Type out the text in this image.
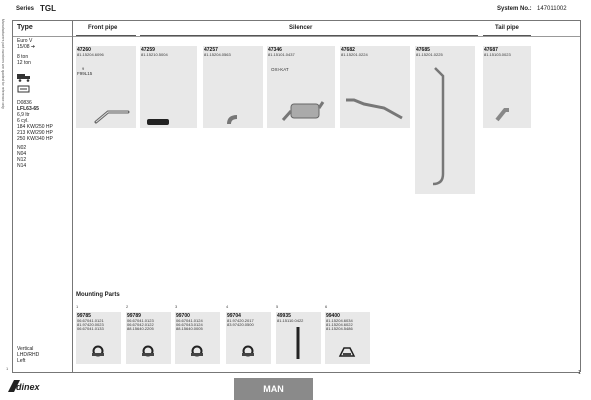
Series TGL	System No.: 147011002
Type
Manufacturers part numbers are quoted for reference only	Euro V
15/08 ➔
8 ton
12 ton
D0836
LFL63-65
6,9 ltr
6 cyl.
184 KW/250 HP
213 KW/290 HP
250 KW/340 HP
N02
N04
N12
N14
Vertical
LHD/RHD
Left
1
Front pipe	Silencer	Tail pipe
47260
81.15204.6096
9
F99L15
47259
81.15210.5004
47257
81.15204.0563
47346
81.15101.0437
OXI-KAT
47682
81.15201.0224
47685
81.15201.0225
47687
81.15103.0023
Mounting Parts
1
99785
06.67041.0121
81.97420.0023
06.67041.0133
2
99789
06.67041.0123
06.67042.0122
88.15640.2205
3
99700
06.67041.0124
06.67043.0124
88.15640.0005
4
99704
81.97420.2017
83.97420.0500
5
49935
81.15110.0422
6
99400
81.15204.6034
81.15204.6022
81.15204.5486
dinex	MAN
1
